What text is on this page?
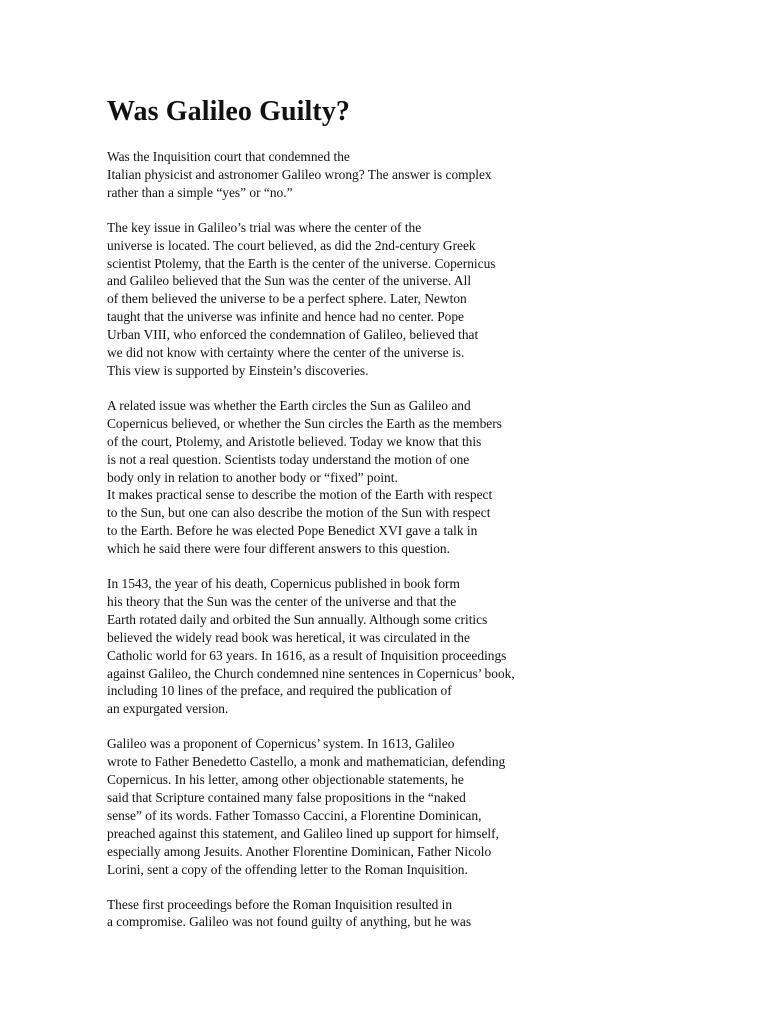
Was Galileo Guilty?
Was the Inquisition court that condemned the
Italian physicist and astronomer Galileo wrong? The answer is complex
rather than a simple “yes” or “no.”
The key issue in Galileo’s trial was where the center of the
universe is located. The court believed, as did the 2nd-century Greek
scientist Ptolemy, that the Earth is the center of the universe. Copernicus
and Galileo believed that the Sun was the center of the universe. All
of them believed the universe to be a perfect sphere. Later, Newton
taught that the universe was infinite and hence had no center. Pope
Urban VIII, who enforced the condemnation of Galileo, believed that
we did not know with certainty where the center of the universe is.
This view is supported by Einstein’s discoveries.
A related issue was whether the Earth circles the Sun as Galileo and
Copernicus believed, or whether the Sun circles the Earth as the members
of the court, Ptolemy, and Aristotle believed. Today we know that this
is not a real question. Scientists today understand the motion of one
body only in relation to another body or “fixed” point.
It makes practical sense to describe the motion of the Earth with respect
to the Sun, but one can also describe the motion of the Sun with respect
to the Earth. Before he was elected Pope Benedict XVI gave a talk in
which he said there were four different answers to this question.
In 1543, the year of his death, Copernicus published in book form
his theory that the Sun was the center of the universe and that the
Earth rotated daily and orbited the Sun annually. Although some critics
believed the widely read book was heretical, it was circulated in the
Catholic world for 63 years. In 1616, as a result of Inquisition proceedings
against Galileo, the Church condemned nine sentences in Copernicus’ book,
including 10 lines of the preface, and required the publication of
an expurgated version.
Galileo was a proponent of Copernicus’ system. In 1613, Galileo
wrote to Father Benedetto Castello, a monk and mathematician, defending
Copernicus. In his letter, among other objectionable statements, he
said that Scripture contained many false propositions in the “naked
sense” of its words. Father Tomasso Caccini, a Florentine Dominican,
preached against this statement, and Galileo lined up support for himself,
especially among Jesuits. Another Florentine Dominican, Father Nicolo
Lorini, sent a copy of the offending letter to the Roman Inquisition.
These first proceedings before the Roman Inquisition resulted in
a compromise. Galileo was not found guilty of anything, but he was
